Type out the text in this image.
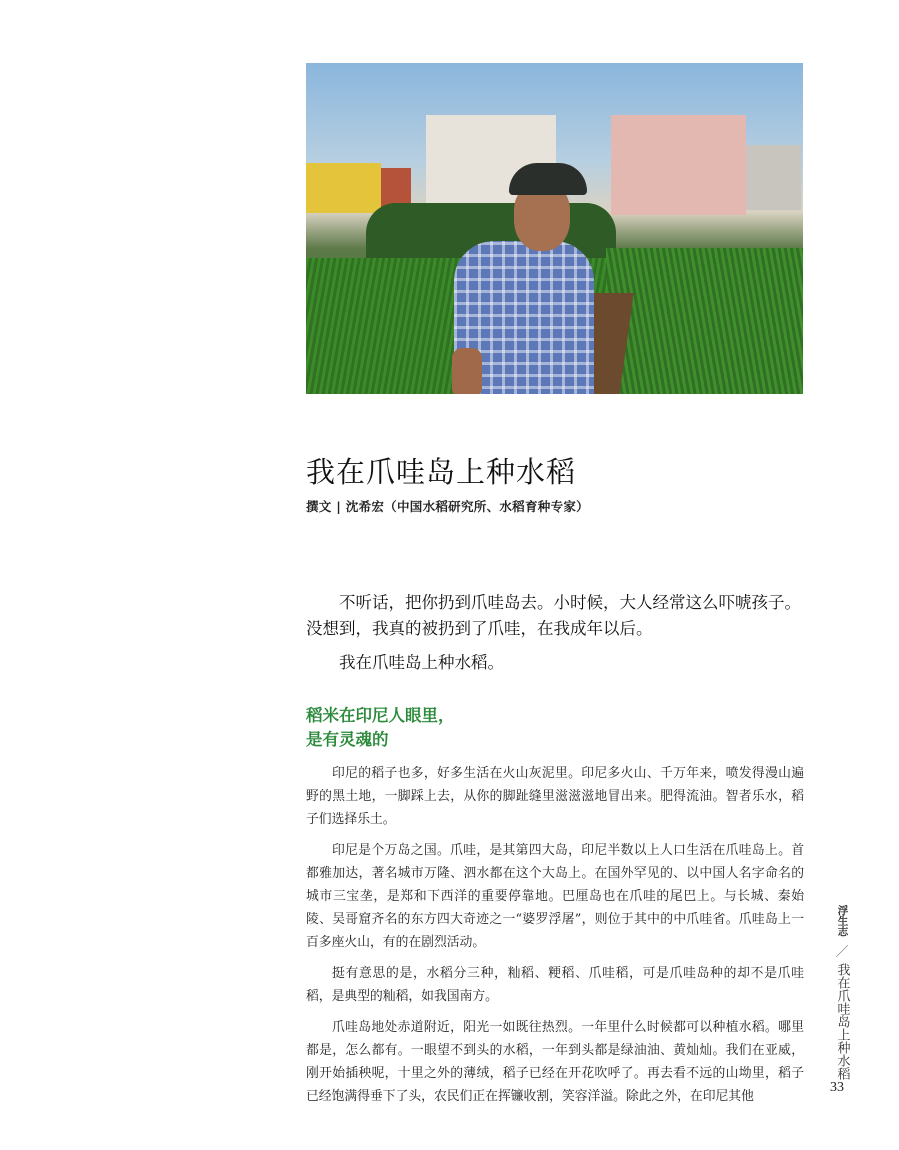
我在爪哇岛上种水稻

撰文 | 沈希宏（中国水稻研究所、水稻育种专家）

不听话，把你扔到爪哇岛去。小时候，大人经常这么吓唬孩子。没想到，我真的被扔到了爪哇，在我成年以后。

我在爪哇岛上种水稻。

稻米在印尼人眼里，
是有灵魂的

印尼的稻子也多，好多生活在火山灰泥里。印尼多火山、千万年来，喷发得漫山遍野的黑土地，一脚踩上去，从你的脚趾缝里滋滋滋地冒出来。肥得流油。智者乐水，稻子们选择乐土。

印尼是个万岛之国。爪哇，是其第四大岛，印尼半数以上人口生活在爪哇岛上。首都雅加达，著名城市万隆、泗水都在这个大岛上。在国外罕见的、以中国人名字命名的城市三宝垄，是郑和下西洋的重要停靠地。巴厘岛也在爪哇的尾巴上。与长城、秦始陵、吴哥窟齐名的东方四大奇迹之一“婆罗浮屠”，则位于其中的中爪哇省。爪哇岛上一百多座火山，有的在剧烈活动。

挺有意思的是，水稻分三种，籼稻、粳稻、爪哇稻，可是爪哇岛种的却不是爪哇稻，是典型的籼稻，如我国南方。

爪哇岛地处赤道附近，阳光一如既往热烈。一年里什么时候都可以种植水稻。哪里都是，怎么都有。一眼望不到头的水稻，一年到头都是绿油油、黄灿灿。我们在亚威，刚开始插秧呢，十里之外的薄绒，稻子已经在开花吹呼了。再去看不远的山坳里，稻子已经饱满得垂下了头，农民们正在挥镰收割，笑容洋溢。除此之外，在印尼其他

浮生志
／
我在爪哇岛上种水稻
33
